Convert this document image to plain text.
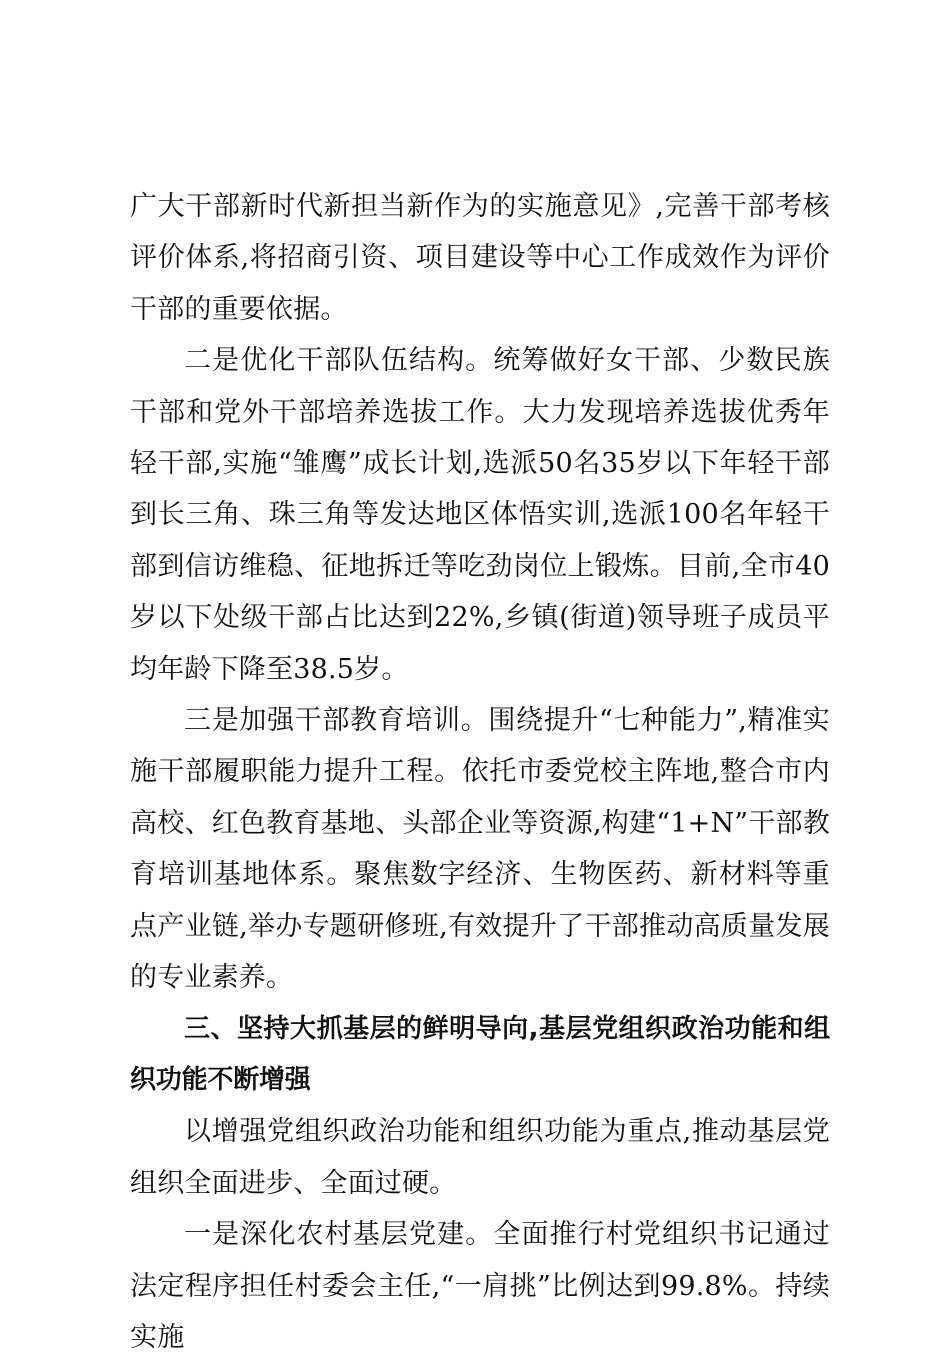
广大干部新时代新担当新作为的实施意见》,完善干部考核评价体系,将招商引资、项目建设等中心工作成效作为评价干部的重要依据。

二是优化干部队伍结构。统筹做好女干部、少数民族干部和党外干部培养选拔工作。大力发现培养选拔优秀年轻干部,实施“雏鹰”成长计划,选派50名35岁以下年轻干部到长三角、珠三角等发达地区体悟实训,选派100名年轻干部到信访维稳、征地拆迁等吃劲岗位上锻炼。目前,全市40岁以下处级干部占比达到22%,乡镇(街道)领导班子成员平均年龄下降至38.5岁。

三是加强干部教育培训。围绕提升“七种能力”,精准实施干部履职能力提升工程。依托市委党校主阵地,整合市内高校、红色教育基地、头部企业等资源,构建“1+N”干部教育培训基地体系。聚焦数字经济、生物医药、新材料等重点产业链,举办专题研修班,有效提升了干部推动高质量发展的专业素养。

三、坚持大抓基层的鲜明导向,基层党组织政治功能和组织功能不断增强

以增强党组织政治功能和组织功能为重点,推动基层党组织全面进步、全面过硬。

一是深化农村基层党建。全面推行村党组织书记通过法定程序担任村委会主任,“一肩挑”比例达到99.8%。持续实施
